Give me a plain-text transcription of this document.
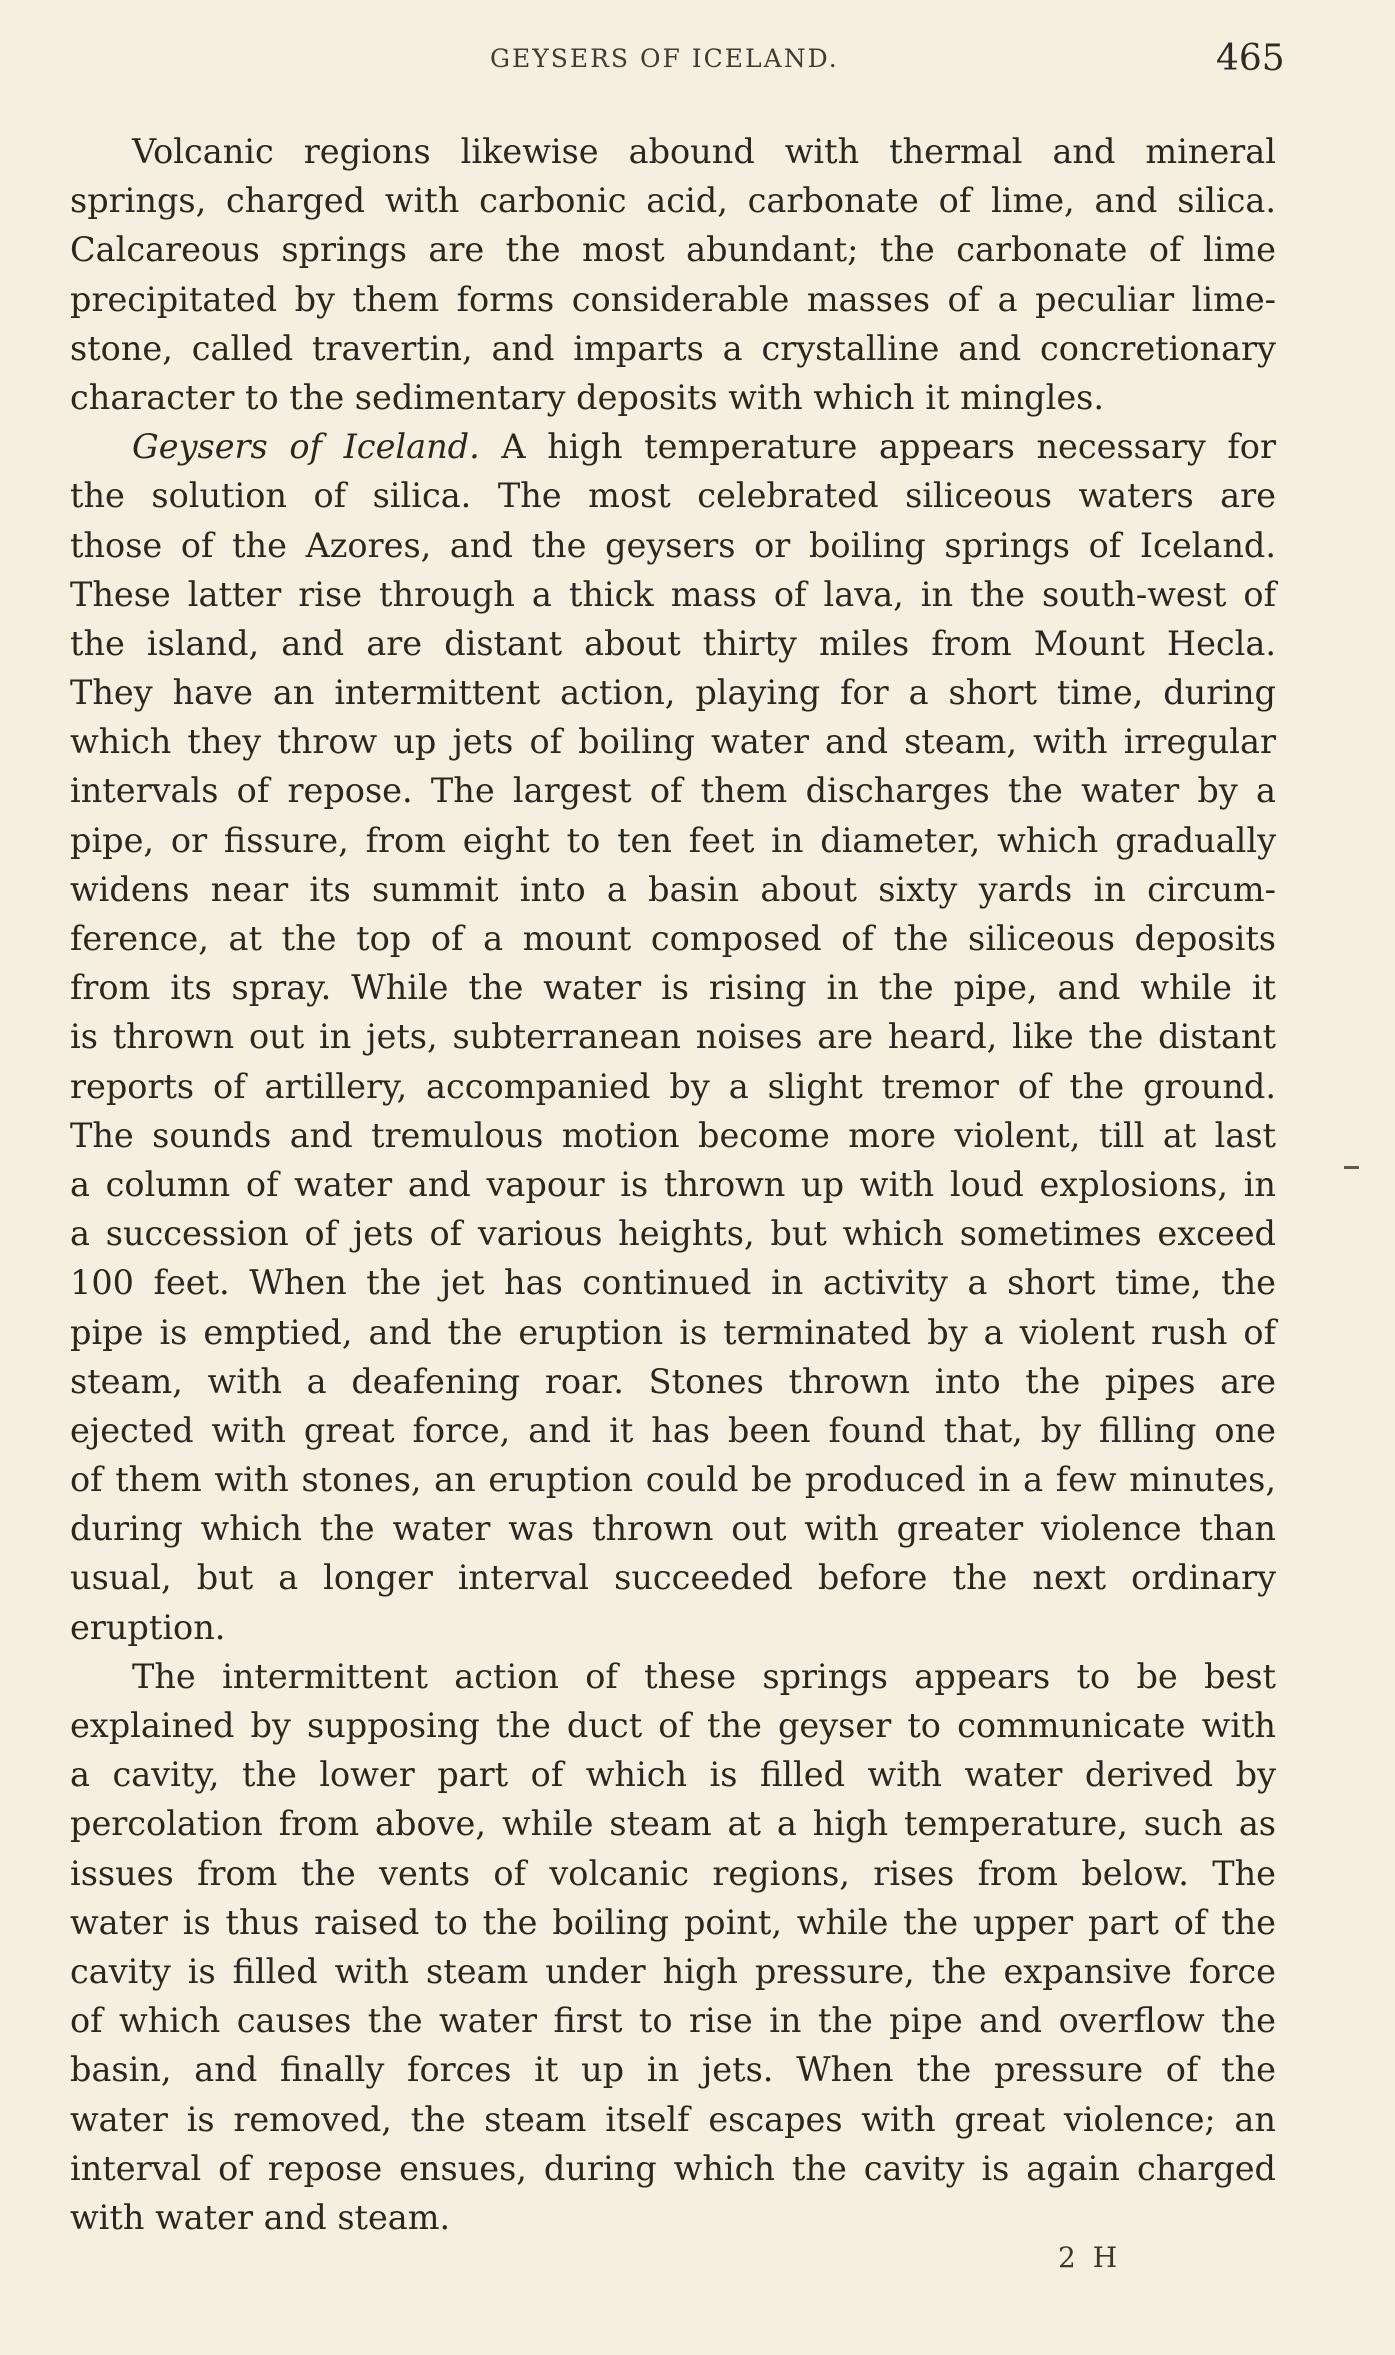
GEYSERS OF ICELAND.	465
Volcanic regions likewise abound with thermal and mineral
springs, charged with carbonic acid, carbonate of lime, and silica.
Calcareous springs are the most abundant; the carbonate of lime
precipitated by them forms considerable masses of a peculiar lime-
stone, called travertin, and imparts a crystalline and concretionary
character to the sedimentary deposits with which it mingles.
Geysers of Iceland. A high temperature appears necessary for
the solution of silica. The most celebrated siliceous waters are
those of the Azores, and the geysers or boiling springs of Iceland.
These latter rise through a thick mass of lava, in the south-west of
the island, and are distant about thirty miles from Mount Hecla.
They have an intermittent action, playing for a short time, during
which they throw up jets of boiling water and steam, with irregular
intervals of repose. The largest of them discharges the water by a
pipe, or fissure, from eight to ten feet in diameter, which gradually
widens near its summit into a basin about sixty yards in circum-
ference, at the top of a mount composed of the siliceous deposits
from its spray. While the water is rising in the pipe, and while it
is thrown out in jets, subterranean noises are heard, like the distant
reports of artillery, accompanied by a slight tremor of the ground.
The sounds and tremulous motion become more violent, till at last
a column of water and vapour is thrown up with loud explosions, in
a succession of jets of various heights, but which sometimes exceed
100 feet. When the jet has continued in activity a short time, the
pipe is emptied, and the eruption is terminated by a violent rush of
steam, with a deafening roar. Stones thrown into the pipes are
ejected with great force, and it has been found that, by filling one
of them with stones, an eruption could be produced in a few minutes,
during which the water was thrown out with greater violence than
usual, but a longer interval succeeded before the next ordinary
eruption.
The intermittent action of these springs appears to be best
explained by supposing the duct of the geyser to communicate with
a cavity, the lower part of which is filled with water derived by
percolation from above, while steam at a high temperature, such as
issues from the vents of volcanic regions, rises from below. The
water is thus raised to the boiling point, while the upper part of the
cavity is filled with steam under high pressure, the expansive force
of which causes the water first to rise in the pipe and overflow the
basin, and finally forces it up in jets. When the pressure of the
water is removed, the steam itself escapes with great violence; an
interval of repose ensues, during which the cavity is again charged
with water and steam.
2 H
